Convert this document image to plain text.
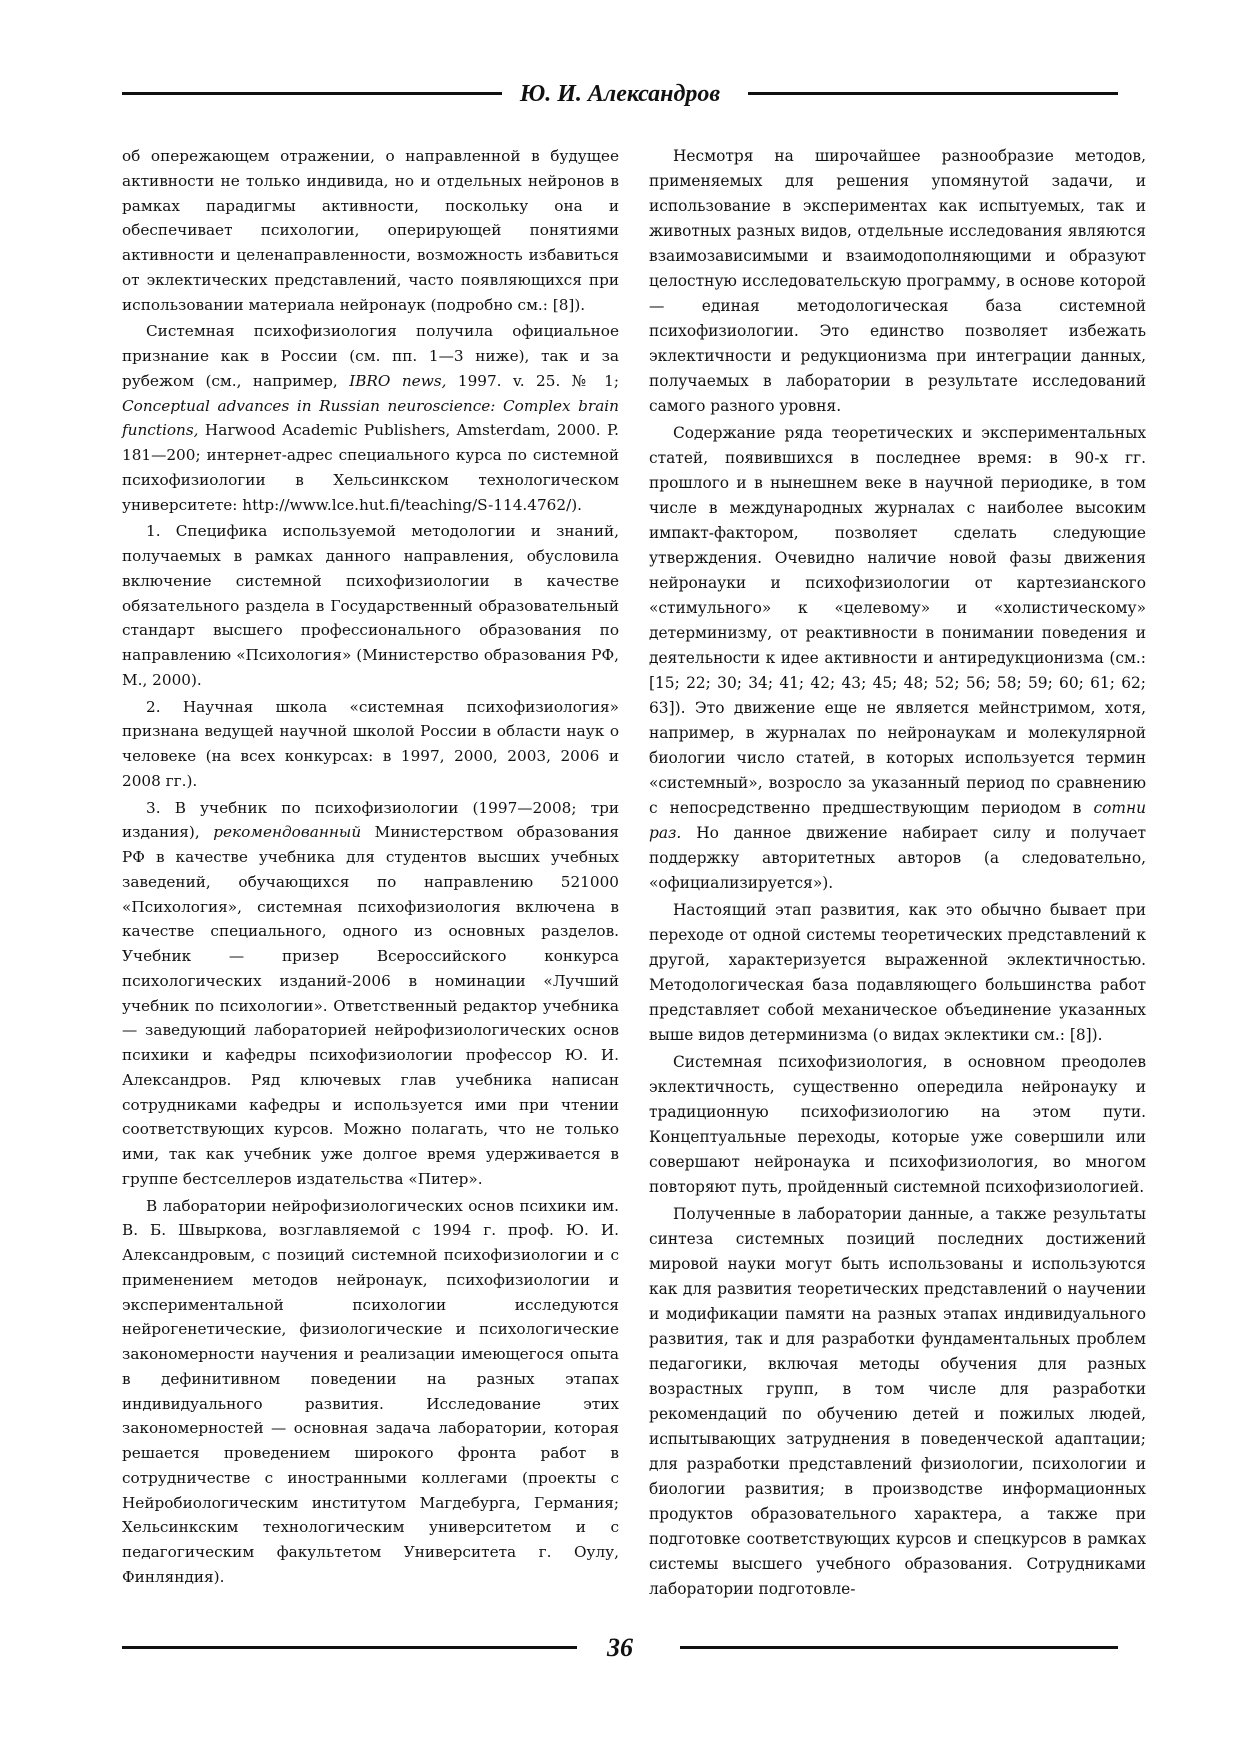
Ю. И. Александров

об опережающем отражении, о направленной в будущее активности не только индивида, но и отдельных нейронов в рамках парадигмы активности, поскольку она и обеспечивает психологии, оперирующей понятиями активности и целенаправленности, возможность избавиться от эклектических представлений, часто появляющихся при использовании материала нейронаук (подробно см.: [8]).

Системная психофизиология получила официальное признание как в России (см. пп. 1—3 ниже), так и за рубежом (см., например, IBRO news, 1997. v. 25. № 1; Conceptual advances in Russian neuroscience: Complex brain functions, Harwood Academic Publishers, Amsterdam, 2000. P. 181—200; интернет-адрес специального курса по системной психофизиологии в Хельсинкском технологическом университете: http://www.lce.hut.fi/teaching/S-114.4762/).

1. Специфика используемой методологии и знаний, получаемых в рамках данного направления, обусловила включение системной психофизиологии в качестве обязательного раздела в Государственный образовательный стандарт высшего профессионального образования по направлению «Психология» (Министерство образования РФ, М., 2000).

2. Научная школа «системная психофизиология» признана ведущей научной школой России в области наук о человеке (на всех конкурсах: в 1997, 2000, 2003, 2006 и 2008 гг.).

3. В учебник по психофизиологии (1997—2008; три издания), рекомендованный Министерством образования РФ в качестве учебника для студентов высших учебных заведений, обучающихся по направлению 521000 «Психология», системная психофизиология включена в качестве специального, одного из основных разделов. Учебник — призер Всероссийского конкурса психологических изданий-2006 в номинации «Лучший учебник по психологии». Ответственный редактор учебника — заведующий лабораторией нейрофизиологических основ психики и кафедры психофизиологии профессор Ю. И. Александров. Ряд ключевых глав учебника написан сотрудниками кафедры и используется ими при чтении соответствующих курсов. Можно полагать, что не только ими, так как учебник уже долгое время удерживается в группе бестселлеров издательства «Питер».

В лаборатории нейрофизиологических основ психики им. В. Б. Швыркова, возглавляемой с 1994 г. проф. Ю. И. Александровым, с позиций системной психофизиологии и с применением методов нейронаук, психофизиологии и экспериментальной психологии исследуются нейрогенетические, физиологические и психологические закономерности научения и реализации имеющегося опыта в дефинитивном поведении на разных этапах индивидуального развития. Исследование этих закономерностей — основная задача лаборатории, которая решается проведением широкого фронта работ в сотрудничестве с иностранными коллегами (проекты с Нейробиологическим институтом Магдебурга, Германия; Хельсинкским технологическим университетом и с педагогическим факультетом Университета г. Оулу, Финляндия).

Несмотря на широчайшее разнообразие методов, применяемых для решения упомянутой задачи, и использование в экспериментах как испытуемых, так и животных разных видов, отдельные исследования являются взаимозависимыми и взаимодополняющими и образуют целостную исследовательскую программу, в основе которой — единая методологическая база системной психофизиологии. Это единство позволяет избежать эклектичности и редукционизма при интеграции данных, получаемых в лаборатории в результате исследований самого разного уровня.

Содержание ряда теоретических и экспериментальных статей, появившихся в последнее время: в 90-х гг. прошлого и в нынешнем веке в научной периодике, в том числе в международных журналах с наиболее высоким импакт-фактором, позволяет сделать следующие утверждения. Очевидно наличие новой фазы движения нейронауки и психофизиологии от картезианского «стимульного» к «целевому» и «холистическому» детерминизму, от реактивности в понимании поведения и деятельности к идее активности и антиредукционизма (см.: [15; 22; 30; 34; 41; 42; 43; 45; 48; 52; 56; 58; 59; 60; 61; 62; 63]). Это движение еще не является мейнстримом, хотя, например, в журналах по нейронаукам и молекулярной биологии число статей, в которых используется термин «системный», возросло за указанный период по сравнению с непосредственно предшествующим периодом в сотни раз. Но данное движение набирает силу и получает поддержку авторитетных авторов (а следовательно, «официализируется»).

Настоящий этап развития, как это обычно бывает при переходе от одной системы теоретических представлений к другой, характеризуется выраженной эклектичностью. Методологическая база подавляющего большинства работ представляет собой механическое объединение указанных выше видов детерминизма (о видах эклектики см.: [8]).

Системная психофизиология, в основном преодолев эклектичность, существенно опередила нейронауку и традиционную психофизиологию на этом пути. Концептуальные переходы, которые уже совершили или совершают нейронаука и психофизиология, во многом повторяют путь, пройденный системной психофизиологией.

Полученные в лаборатории данные, а также результаты синтеза системных позиций последних достижений мировой науки могут быть использованы и используются как для развития теоретических представлений о научении и модификации памяти на разных этапах индивидуального развития, так и для разработки фундаментальных проблем педагогики, включая методы обучения для разных возрастных групп, в том числе для разработки рекомендаций по обучению детей и пожилых людей, испытывающих затруднения в поведенческой адаптации; для разработки представлений физиологии, психологии и биологии развития; в производстве информационных продуктов образовательного характера, а также при подготовке соответствующих курсов и спецкурсов в рамках системы высшего учебного образования. Сотрудниками лаборатории подготовле-

36
